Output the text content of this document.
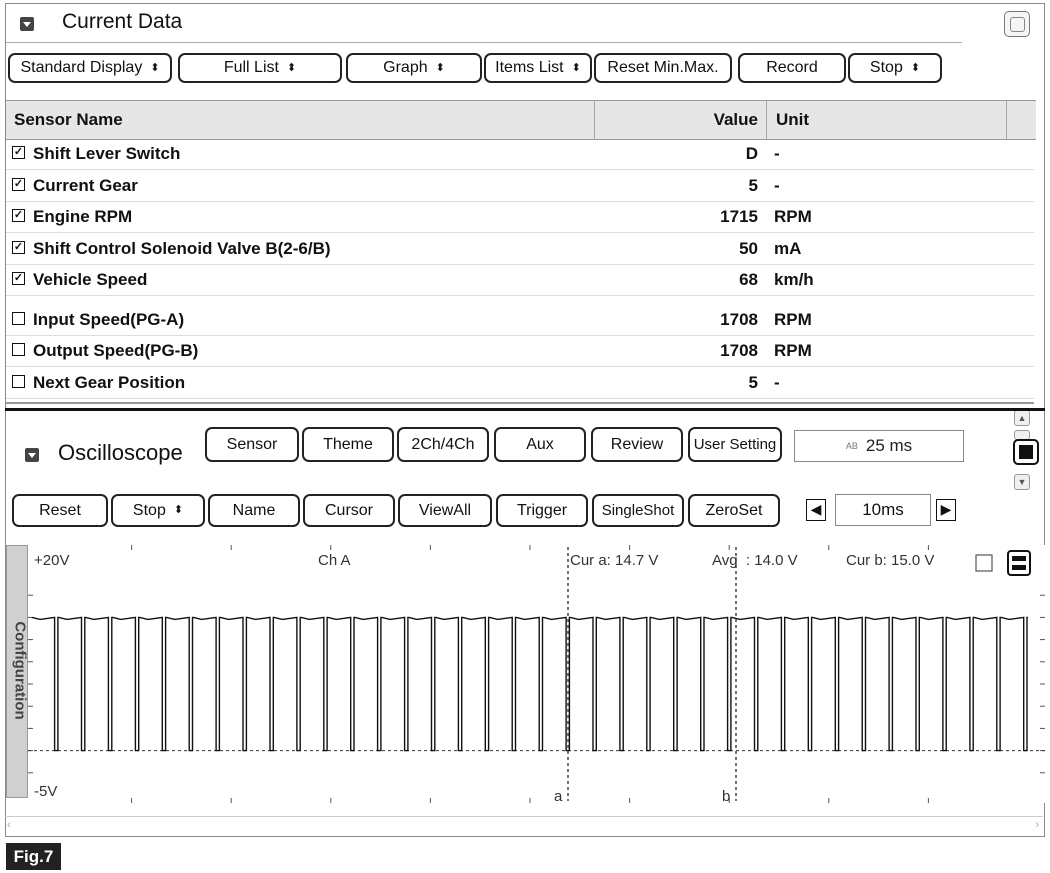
Current Data
Standard Display ⬍	Full List ⬍	Graph ⬍	Items List ⬍ Reset Min.Max.	Record	Stop ⬍
Sensor Name	Value Unit
✓ Shift Lever Switch	D -
✓ Current Gear	5 -
✓ Engine RPM	1715 RPM
✓ Shift Control Solenoid Valve B(2-6/B)	50 mA
✓ Vehicle Speed	68 km/h
Input Speed(PG-A)	1708 RPM
Output Speed(PG-B)	1708 RPM
Next Gear Position	5 -
▲
▼
Oscilloscope	Sensor	Theme	2Ch/4Ch	Aux	Review	User Setting	AB 25 ms
Reset	Stop ⬍	Name	Cursor	ViewAll	Trigger SingleShot ZeroSet	◀	10ms	▶
Configuration
+20V
-5V
Ch A	Cur a: 14.7 V	Avg  : 14.0 V	Cur b: 15.0 V
a	b
‹	›
Fig.7
